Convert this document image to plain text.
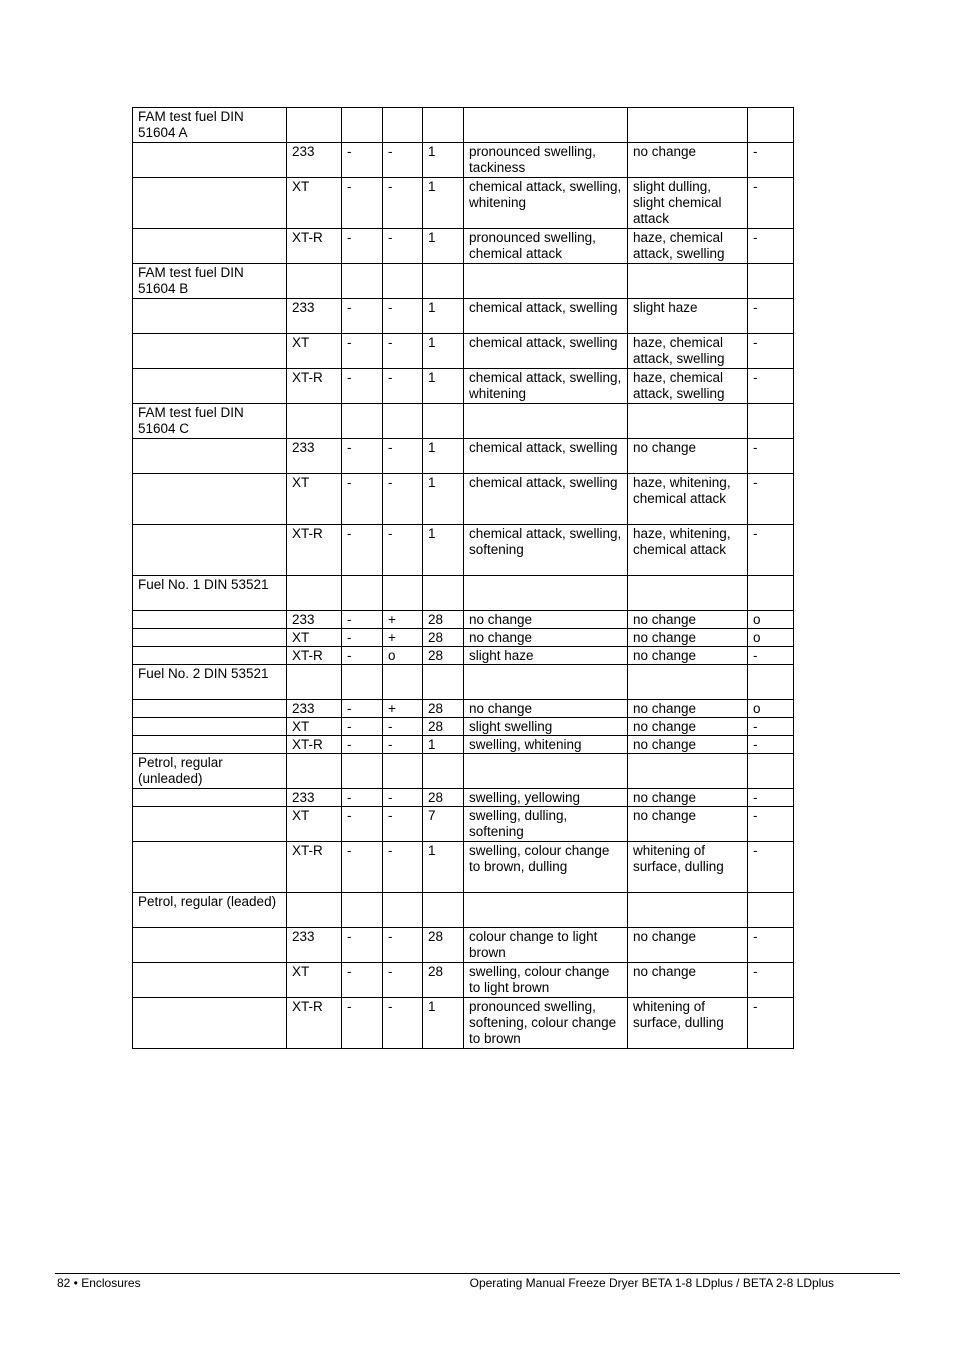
FAM test fuel DIN 51604 A							
	233	-	-	1	pronounced swelling, tackiness	no change	-
	XT	-	-	1	chemical attack, swelling, whitening	slight dulling, slight chemical attack	-
	XT-R	-	-	1	pronounced swelling, chemical attack	haze, chemical attack, swelling	-
FAM test fuel DIN 51604 B							
	233	-	-	1	chemical attack, swelling	slight haze	-
	XT	-	-	1	chemical attack, swelling	haze, chemical attack, swelling	-
	XT-R	-	-	1	chemical attack, swelling, whitening	haze, chemical attack, swelling	-
FAM test fuel DIN 51604 C							
	233	-	-	1	chemical attack, swelling	no change	-
	XT	-	-	1	chemical attack, swelling	haze, whitening, chemical attack	-
	XT-R	-	-	1	chemical attack, swelling, softening	haze, whitening, chemical attack	-
Fuel No. 1 DIN 53521							
	233	-	+	28	no change	no change	o
	XT	-	+	28	no change	no change	o
	XT-R	-	o	28	slight haze	no change	-
Fuel No. 2 DIN 53521							
	233	-	+	28	no change	no change	o
	XT	-	-	28	slight swelling	no change	-
	XT-R	-	-	1	swelling, whitening	no change	-
Petrol, regular (unleaded)							
	233	-	-	28	swelling, yellowing	no change	-
	XT	-	-	7	swelling, dulling, softening	no change	-
	XT-R	-	-	1	swelling, colour change to brown, dulling	whitening of surface, dulling	-
Petrol, regular (leaded)							
	233	-	-	28	colour change to light brown	no change	-
	XT	-	-	28	swelling, colour change to light brown	no change	-
	XT-R	-	-	1	pronounced swelling, softening, colour change to brown	whitening of surface, dulling	-
82 • Enclosures	Operating Manual Freeze Dryer BETA 1-8 LDplus / BETA 2-8 LDplus
